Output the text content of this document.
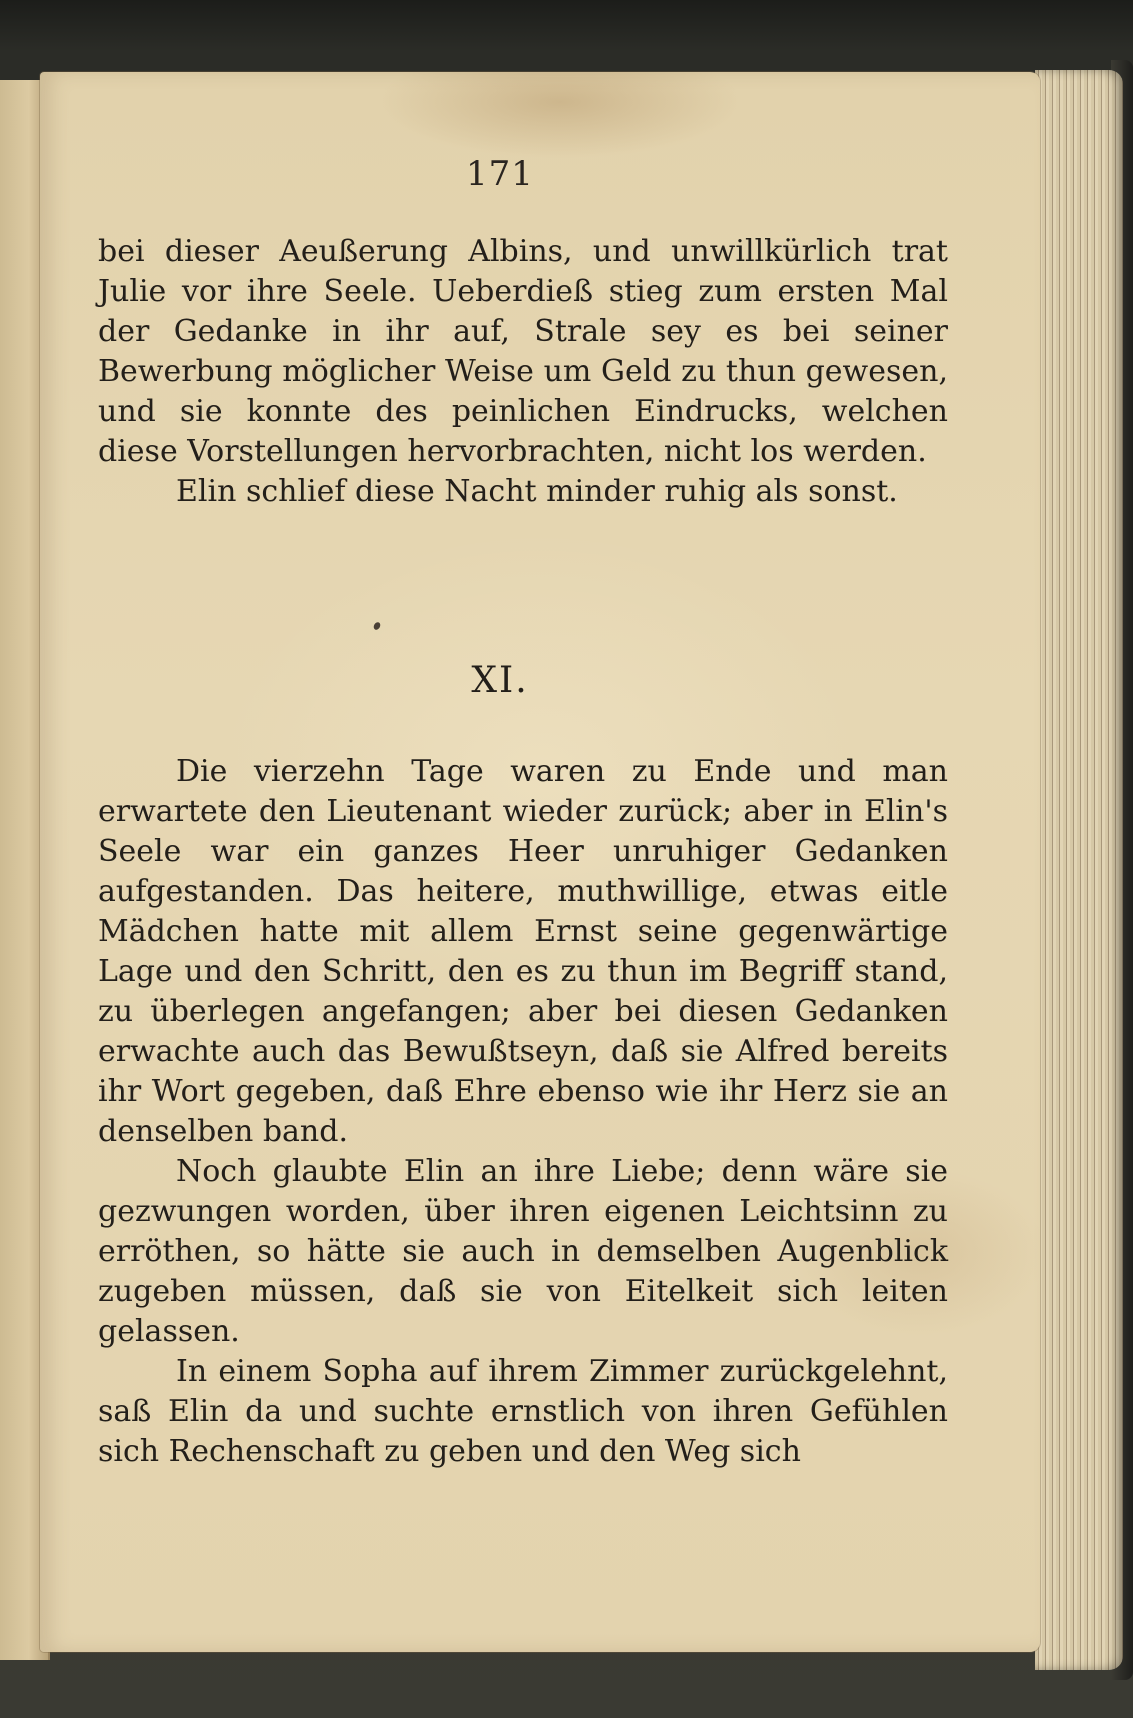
171

bei dieser Aeußerung Albins, und unwillkürlich trat Julie vor ihre Seele. Ueberdieß stieg zum ersten Mal der Gedanke in ihr auf, Strale sey es bei seiner Bewerbung möglicher Weise um Geld zu thun gewesen, und sie konnte des peinlichen Eindrucks, welchen diese Vorstellungen hervorbrachten, nicht los werden.

Elin schlief diese Nacht minder ruhig als sonst.

XI.

Die vierzehn Tage waren zu Ende und man erwartete den Lieutenant wieder zurück; aber in Elin's Seele war ein ganzes Heer unruhiger Gedanken aufgestanden. Das heitere, muthwillige, etwas eitle Mädchen hatte mit allem Ernst seine gegenwärtige Lage und den Schritt, den es zu thun im Begriff stand, zu überlegen angefangen; aber bei diesen Gedanken erwachte auch das Bewußtseyn, daß sie Alfred bereits ihr Wort gegeben, daß Ehre ebenso wie ihr Herz sie an denselben band.

Noch glaubte Elin an ihre Liebe; denn wäre sie gezwungen worden, über ihren eigenen Leichtsinn zu erröthen, so hätte sie auch in demselben Augenblick zugeben müssen, daß sie von Eitelkeit sich leiten gelassen.

In einem Sopha auf ihrem Zimmer zurückgelehnt, saß Elin da und suchte ernstlich von ihren Gefühlen sich Rechenschaft zu geben und den Weg sich
